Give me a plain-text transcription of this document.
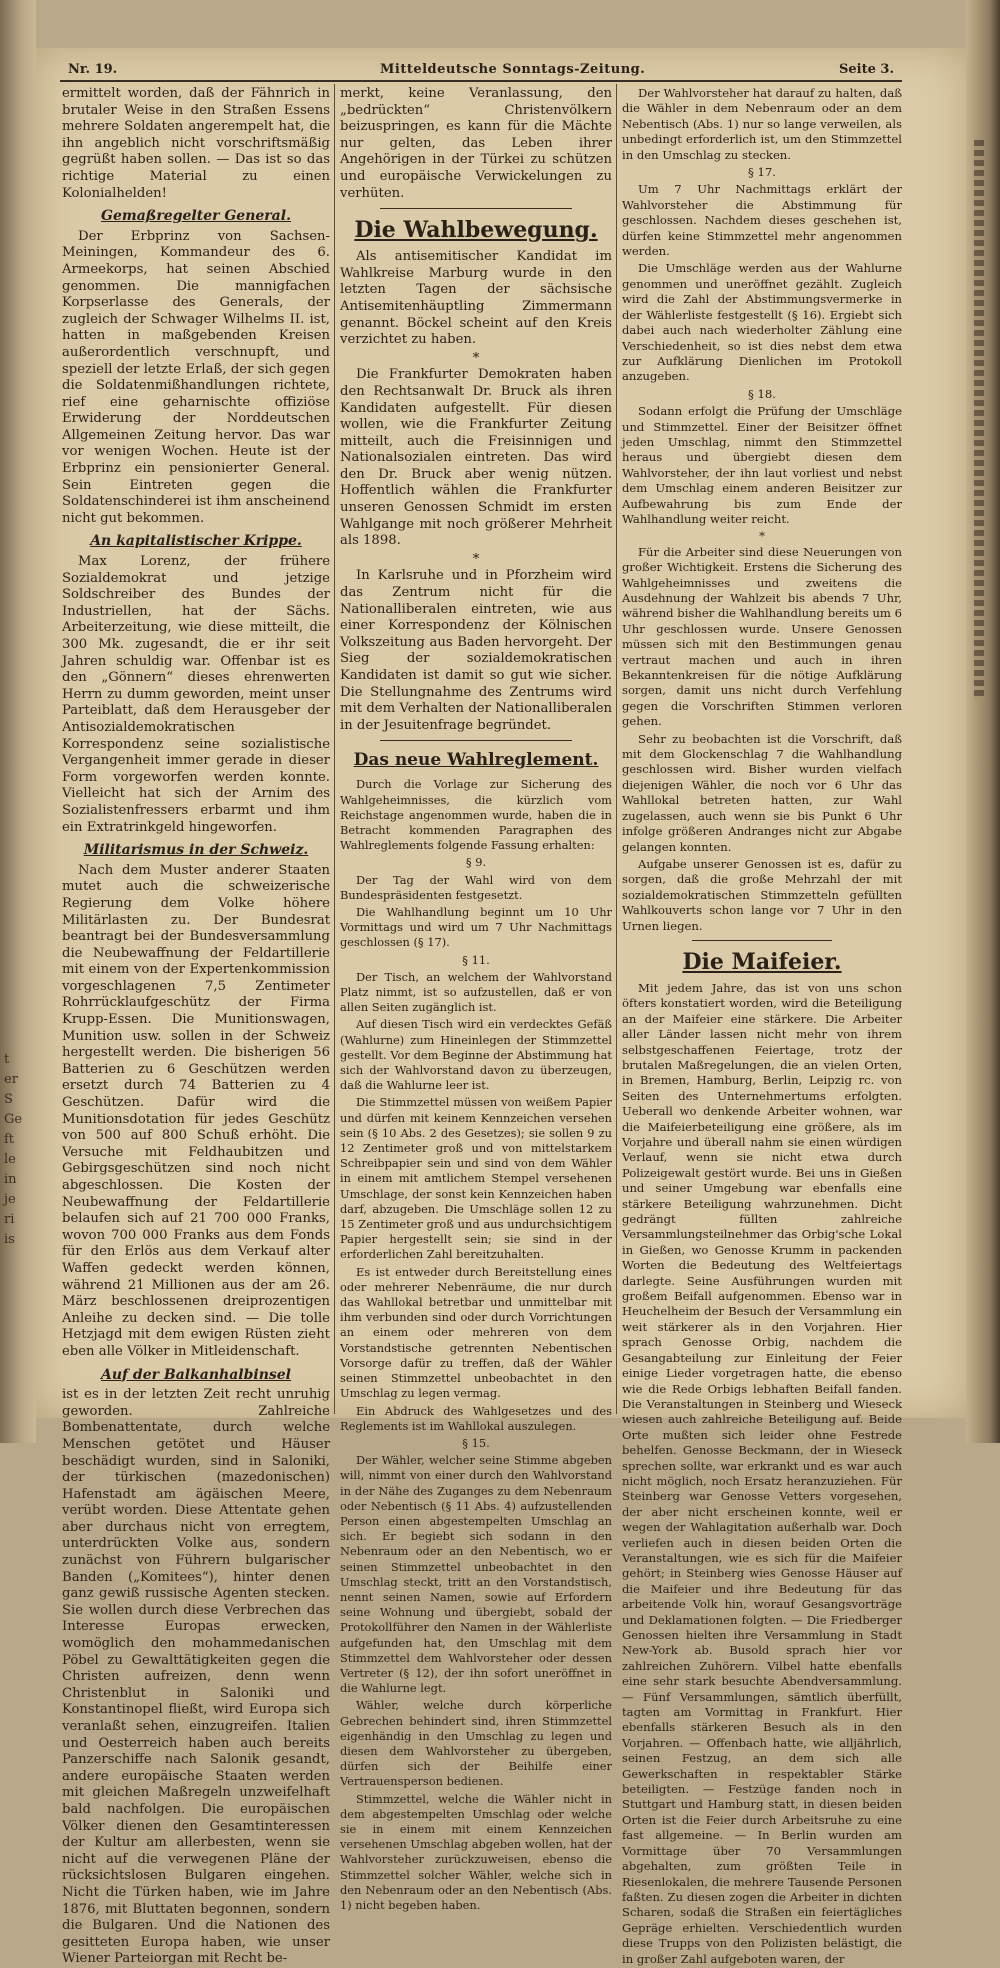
t
er
S
Ge
ft
le
in
je
ri
is
Nr. 19.	Mitteldeutsche Sonntags-Zeitung.	Seite 3.

ermittelt worden, daß der Fähnrich in brutaler Weise in den Straßen Essens mehrere Soldaten angerempelt hat, die ihn angeblich nicht vorschriftsmäßig gegrüßt haben sollen. — Das ist so das richtige Material zu einen Kolonialhelden!

Gemaßregelter General.

Der Erbprinz von Sachsen-Meiningen, Kommandeur des 6. Armeekorps, hat seinen Abschied genommen. Die mannigfachen Korpserlasse des Generals, der zugleich der Schwager Wilhelms II. ist, hatten in maßgebenden Kreisen außerordentlich verschnupft, und speziell der letzte Erlaß, der sich gegen die Soldatenmißhandlungen richtete, rief eine geharnischte offiziöse Erwiderung der Norddeutschen Allgemeinen Zeitung hervor. Das war vor wenigen Wochen. Heute ist der Erbprinz ein pensionierter General. Sein Eintreten gegen die Soldatenschinderei ist ihm anscheinend nicht gut bekommen.

An kapitalistischer Krippe.

Max Lorenz, der frühere Sozialdemokrat und jetzige Soldschreiber des Bundes der Industriellen, hat der Sächs. Arbeiterzeitung, wie diese mitteilt, die 300 Mk. zugesandt, die er ihr seit Jahren schuldig war. Offenbar ist es den „Gönnern“ dieses ehrenwerten Herrn zu dumm geworden, meint unser Parteiblatt, daß dem Herausgeber der Antisozialdemokratischen Korrespondenz seine sozialistische Vergangenheit immer gerade in dieser Form vorgeworfen werden konnte. Vielleicht hat sich der Arnim des Sozialistenfressers erbarmt und ihm ein Extratrinkgeld hingeworfen.

Militarismus in der Schweiz.

Nach dem Muster anderer Staaten mutet auch die schweizerische Regierung dem Volke höhere Militärlasten zu. Der Bundesrat beantragt bei der Bundesversammlung die Neubewaffnung der Feldartillerie mit einem von der Expertenkommission vorgeschlagenen 7,5 Zentimeter Rohrrücklaufgeschütz der Firma Krupp-Essen. Die Munitionswagen, Munition usw. sollen in der Schweiz hergestellt werden. Die bisherigen 56 Batterien zu 6 Geschützen werden ersetzt durch 74 Batterien zu 4 Geschützen. Dafür wird die Munitionsdotation für jedes Geschütz von 500 auf 800 Schuß erhöht. Die Versuche mit Feldhaubitzen und Gebirgsgeschützen sind noch nicht abgeschlossen. Die Kosten der Neubewaffnung der Feldartillerie belaufen sich auf 21 700 000 Franks, wovon 700 000 Franks aus dem Fonds für den Erlös aus dem Verkauf alter Waffen gedeckt werden können, während 21 Millionen aus der am 26. März beschlossenen dreiprozentigen Anleihe zu decken sind. — Die tolle Hetzjagd mit dem ewigen Rüsten zieht eben alle Völker in Mitleidenschaft.

Auf der Balkanhalbinsel

ist es in der letzten Zeit recht unruhig geworden. Zahlreiche Bombenattentate, durch welche Menschen getötet und Häuser beschädigt wurden, sind in Saloniki, der türkischen (mazedonischen) Hafenstadt am ägäischen Meere, verübt worden. Diese Attentate gehen aber durchaus nicht von erregtem, unterdrückten Volke aus, sondern zunächst von Führern bulgarischer Banden („Komitees“), hinter denen ganz gewiß russische Agenten stecken. Sie wollen durch diese Verbrechen das Interesse Europas erwecken, womöglich den mohammedanischen Pöbel zu Gewalttätigkeiten gegen die Christen aufreizen, denn wenn Christenblut in Saloniki und Konstantinopel fließt, wird Europa sich veranlaßt sehen, einzugreifen. Italien und Oesterreich haben auch bereits Panzerschiffe nach Salonik gesandt, andere europäische Staaten werden mit gleichen Maßregeln unzweifelhaft bald nachfolgen. Die europäischen Völker dienen den Gesamtinteressen der Kultur am allerbesten, wenn sie nicht auf die verwegenen Pläne der rücksichtslosen Bulgaren eingehen. Nicht die Türken haben, wie im Jahre 1876, mit Bluttaten begonnen, sondern die Bulgaren. Und die Nationen des gesitteten Europa haben, wie unser Wiener Parteiorgan mit Recht be-

merkt, keine Veranlassung, den „bedrückten“ Christenvölkern beizuspringen, es kann für die Mächte nur gelten, das Leben ihrer Angehörigen in der Türkei zu schützen und europäische Verwickelungen zu verhüten.

Die Wahlbewegung.

Als antisemitischer Kandidat im Wahlkreise Marburg wurde in den letzten Tagen der sächsische Antisemitenhäuptling Zimmermann genannt. Böckel scheint auf den Kreis verzichtet zu haben.

*

Die Frankfurter Demokraten haben den Rechtsanwalt Dr. Bruck als ihren Kandidaten aufgestellt. Für diesen wollen, wie die Frankfurter Zeitung mitteilt, auch die Freisinnigen und Nationalsozialen eintreten. Das wird den Dr. Bruck aber wenig nützen. Hoffentlich wählen die Frankfurter unseren Genossen Schmidt im ersten Wahlgange mit noch größerer Mehrheit als 1898.

*

In Karlsruhe und in Pforzheim wird das Zentrum nicht für die Nationalliberalen eintreten, wie aus einer Korrespondenz der Kölnischen Volkszeitung aus Baden hervorgeht. Der Sieg der sozialdemokratischen Kandidaten ist damit so gut wie sicher. Die Stellungnahme des Zentrums wird mit dem Verhalten der Nationalliberalen in der Jesuitenfrage begründet.

Das neue Wahlreglement.

Durch die Vorlage zur Sicherung des Wahlgeheimnisses, die kürzlich vom Reichstage angenommen wurde, haben die in Betracht kommenden Paragraphen des Wahlreglements folgende Fassung erhalten:

§ 9.

Der Tag der Wahl wird von dem Bundespräsidenten festgesetzt.

Die Wahlhandlung beginnt um 10 Uhr Vormittags und wird um 7 Uhr Nachmittags geschlossen (§ 17).

§ 11.

Der Tisch, an welchem der Wahlvorstand Platz nimmt, ist so aufzustellen, daß er von allen Seiten zugänglich ist.

Auf diesen Tisch wird ein verdecktes Gefäß (Wahlurne) zum Hineinlegen der Stimmzettel gestellt. Vor dem Beginne der Abstimmung hat sich der Wahlvorstand davon zu überzeugen, daß die Wahlurne leer ist.

Die Stimmzettel müssen von weißem Papier und dürfen mit keinem Kennzeichen versehen sein (§ 10 Abs. 2 des Gesetzes); sie sollen 9 zu 12 Zentimeter groß und von mittelstarkem Schreibpapier sein und sind von dem Wähler in einem mit amtlichem Stempel versehenen Umschlage, der sonst kein Kennzeichen haben darf, abzugeben. Die Umschläge sollen 12 zu 15 Zentimeter groß und aus undurchsichtigem Papier hergestellt sein; sie sind in der erforderlichen Zahl bereitzuhalten.

Es ist entweder durch Bereitstellung eines oder mehrerer Nebenräume, die nur durch das Wahllokal betretbar und unmittelbar mit ihm verbunden sind oder durch Vorrichtungen an einem oder mehreren von dem Vorstandstische getrennten Nebentischen Vorsorge dafür zu treffen, daß der Wähler seinen Stimmzettel unbeobachtet in den Umschlag zu legen vermag.

Ein Abdruck des Wahlgesetzes und des Reglements ist im Wahllokal auszulegen.

§ 15.

Der Wähler, welcher seine Stimme abgeben will, nimmt von einer durch den Wahlvorstand in der Nähe des Zuganges zu dem Nebenraum oder Nebentisch (§ 11 Abs. 4) aufzustellenden Person einen abgestempelten Umschlag an sich. Er begiebt sich sodann in den Nebenraum oder an den Nebentisch, wo er seinen Stimmzettel unbeobachtet in den Umschlag steckt, tritt an den Vorstandstisch, nennt seinen Namen, sowie auf Erfordern seine Wohnung und übergiebt, sobald der Protokollführer den Namen in der Wählerliste aufgefunden hat, den Umschlag mit dem Stimmzettel dem Wahlvorsteher oder dessen Vertreter (§ 12), der ihn sofort uneröffnet in die Wahlurne legt.

Wähler, welche durch körperliche Gebrechen behindert sind, ihren Stimmzettel eigenhändig in den Umschlag zu legen und diesen dem Wahlvorsteher zu übergeben, dürfen sich der Beihilfe einer Vertrauensperson bedienen.

Stimmzettel, welche die Wähler nicht in dem abgestempelten Umschlag oder welche sie in einem mit einem Kennzeichen versehenen Umschlag abgeben wollen, hat der Wahlvorsteher zurückzuweisen, ebenso die Stimmzettel solcher Wähler, welche sich in den Nebenraum oder an den Nebentisch (Abs. 1) nicht begeben haben.

Der Wahlvorsteher hat darauf zu halten, daß die Wähler in dem Nebenraum oder an dem Nebentisch (Abs. 1) nur so lange verweilen, als unbedingt erforderlich ist, um den Stimmzettel in den Umschlag zu stecken.

§ 17.

Um 7 Uhr Nachmittags erklärt der Wahlvorsteher die Abstimmung für geschlossen. Nachdem dieses geschehen ist, dürfen keine Stimmzettel mehr angenommen werden.

Die Umschläge werden aus der Wahlurne genommen und uneröffnet gezählt. Zugleich wird die Zahl der Abstimmungsvermerke in der Wählerliste festgestellt (§ 16). Ergiebt sich dabei auch nach wiederholter Zählung eine Verschiedenheit, so ist dies nebst dem etwa zur Aufklärung Dienlichen im Protokoll anzugeben.

§ 18.

Sodann erfolgt die Prüfung der Umschläge und Stimmzettel. Einer der Beisitzer öffnet jeden Umschlag, nimmt den Stimmzettel heraus und übergiebt diesen dem Wahlvorsteher, der ihn laut vorliest und nebst dem Umschlag einem anderen Beisitzer zur Aufbewahrung bis zum Ende der Wahlhandlung weiter reicht.

*

Für die Arbeiter sind diese Neuerungen von großer Wichtigkeit. Erstens die Sicherung des Wahlgeheimnisses und zweitens die Ausdehnung der Wahlzeit bis abends 7 Uhr, während bisher die Wahlhandlung bereits um 6 Uhr geschlossen wurde. Unsere Genossen müssen sich mit den Bestimmungen genau vertraut machen und auch in ihren Bekanntenkreisen für die nötige Aufklärung sorgen, damit uns nicht durch Verfehlung gegen die Vorschriften Stimmen verloren gehen.

Sehr zu beobachten ist die Vorschrift, daß mit dem Glockenschlag 7 die Wahlhandlung geschlossen wird. Bisher wurden vielfach diejenigen Wähler, die noch vor 6 Uhr das Wahllokal betreten hatten, zur Wahl zugelassen, auch wenn sie bis Punkt 6 Uhr infolge größeren Andranges nicht zur Abgabe gelangen konnten.

Aufgabe unserer Genossen ist es, dafür zu sorgen, daß die große Mehrzahl der mit sozialdemokratischen Stimmzetteln gefüllten Wahlkouverts schon lange vor 7 Uhr in den Urnen liegen.

Die Maifeier.

Mit jedem Jahre, das ist von uns schon öfters konstatiert worden, wird die Beteiligung an der Maifeier eine stärkere. Die Arbeiter aller Länder lassen nicht mehr von ihrem selbstgeschaffenen Feiertage, trotz der brutalen Maßregelungen, die an vielen Orten, in Bremen, Hamburg, Berlin, Leipzig rc. von Seiten des Unternehmertums erfolgten. Ueberall wo denkende Arbeiter wohnen, war die Maifeierbeteiligung eine größere, als im Vorjahre und überall nahm sie einen würdigen Verlauf, wenn sie nicht etwa durch Polizeigewalt gestört wurde. Bei uns in Gießen und seiner Umgebung war ebenfalls eine stärkere Beteiligung wahrzunehmen. Dicht gedrängt füllten zahlreiche Versammlungsteilnehmer das Orbig'sche Lokal in Gießen, wo Genosse Krumm in packenden Worten die Bedeutung des Weltfeiertags darlegte. Seine Ausführungen wurden mit großem Beifall aufgenommen. Ebenso war in Heuchelheim der Besuch der Versammlung ein weit stärkerer als in den Vorjahren. Hier sprach Genosse Orbig, nachdem die Gesangabteilung zur Einleitung der Feier einige Lieder vorgetragen hatte, die ebenso wie die Rede Orbigs lebhaften Beifall fanden. Die Veranstaltungen in Steinberg und Wieseck wiesen auch zahlreiche Beteiligung auf. Beide Orte mußten sich leider ohne Festrede behelfen. Genosse Beckmann, der in Wieseck sprechen sollte, war erkrankt und es war auch nicht möglich, noch Ersatz heranzuziehen. Für Steinberg war Genosse Vetters vorgesehen, der aber nicht erscheinen konnte, weil er wegen der Wahlagitation außerhalb war. Doch verliefen auch in diesen beiden Orten die Veranstaltungen, wie es sich für die Maifeier gehört; in Steinberg wies Genosse Häuser auf die Maifeier und ihre Bedeutung für das arbeitende Volk hin, worauf Gesangsvorträge und Deklamationen folgten. — Die Friedberger Genossen hielten ihre Versammlung in Stadt New-York ab. Busold sprach hier vor zahlreichen Zuhörern. Vilbel hatte ebenfalls eine sehr stark besuchte Abendversammlung. — Fünf Versammlungen, sämtlich überfüllt, tagten am Vormittag in Frankfurt. Hier ebenfalls stärkeren Besuch als in den Vorjahren. — Offenbach hatte, wie alljährlich, seinen Festzug, an dem sich alle Gewerkschaften in respektabler Stärke beteiligten. — Festzüge fanden noch in Stuttgart und Hamburg statt, in diesen beiden Orten ist die Feier durch Arbeitsruhe zu eine fast allgemeine. — In Berlin wurden am Vormittage über 70 Versammlungen abgehalten, zum größten Teile in Riesenlokalen, die mehrere Tausende Personen faßten. Zu diesen zogen die Arbeiter in dichten Scharen, sodaß die Straßen ein feiertägliches Gepräge erhielten. Verschiedentlich wurden diese Trupps von den Polizisten belästigt, die in großer Zahl aufgeboten waren, der
